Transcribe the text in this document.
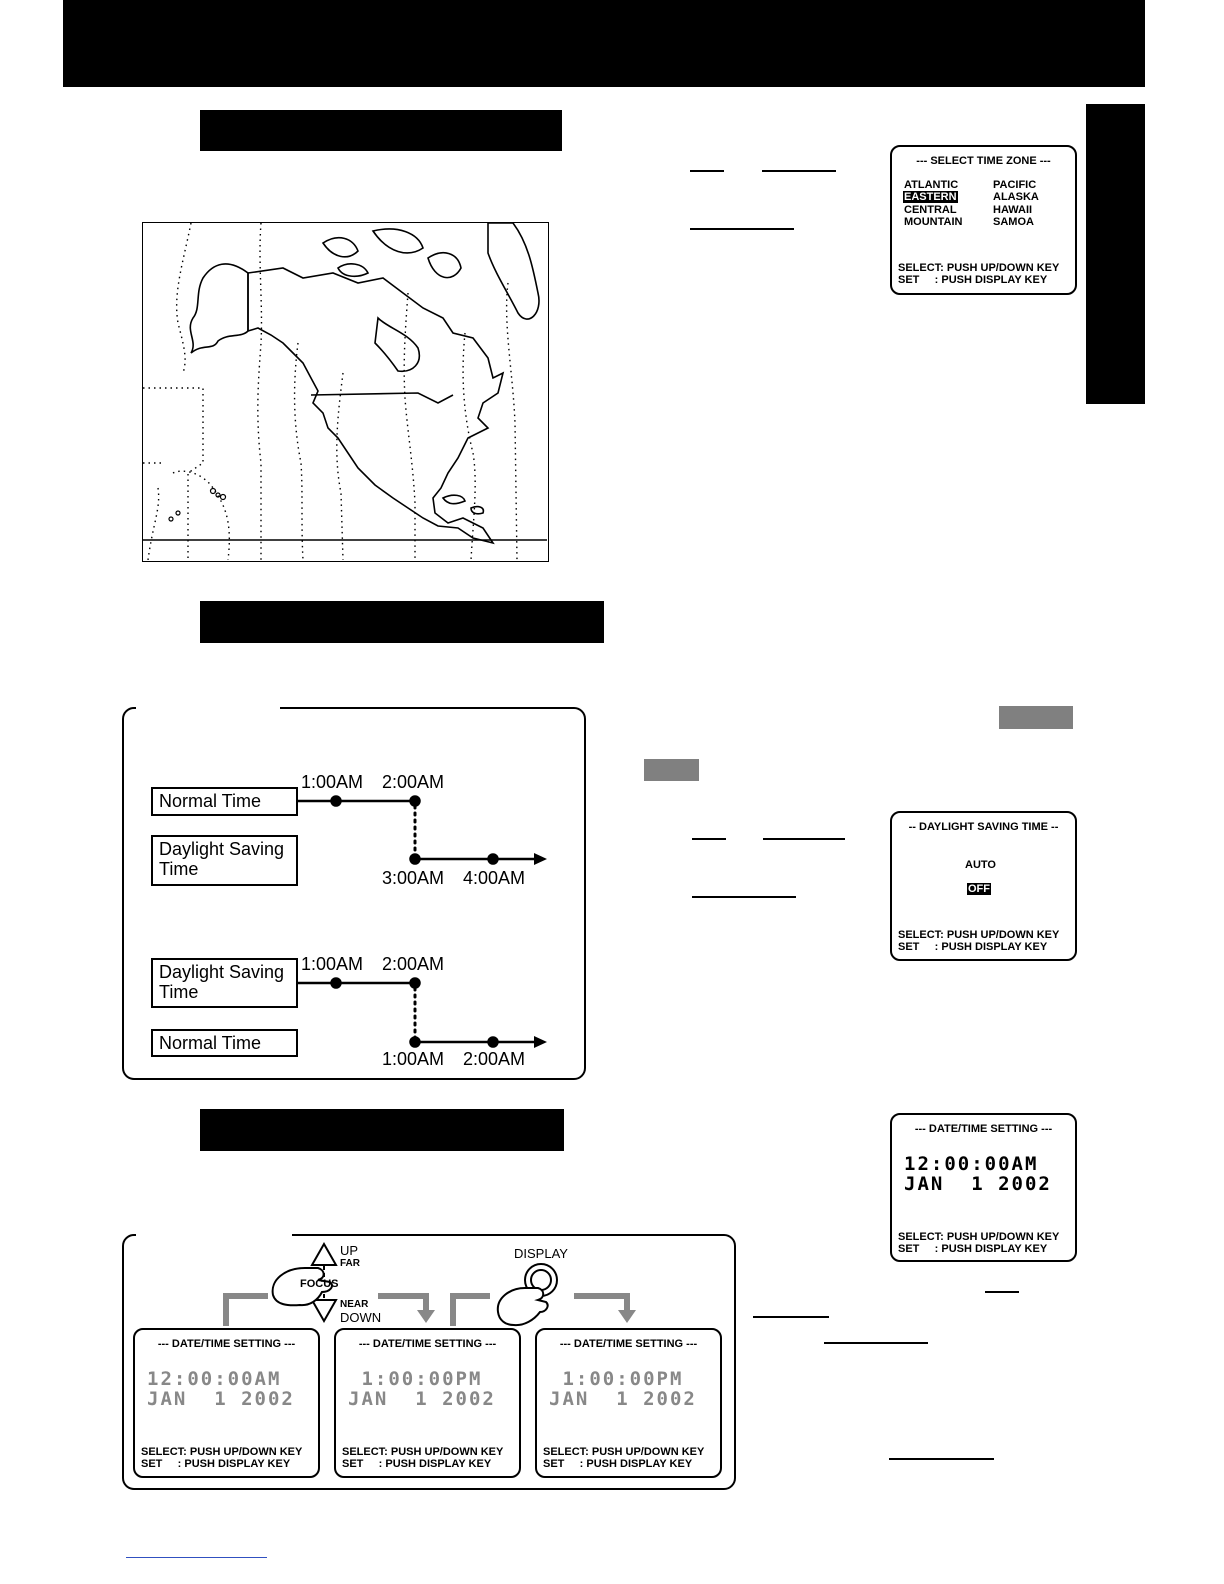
--- SELECT TIME ZONE ---
ATLANTIC
EASTERN
CENTRAL
MOUNTAIN
PACIFIC
ALASKA
HAWAII
SAMOA
SELECT: PUSH UP/DOWN KEY
SET     : PUSH DISPLAY KEY
Normal Time
Daylight Saving Time
1:00AM 2:00AM
3:00AM 4:00AM
Daylight Saving Time
Normal Time
1:00AM 2:00AM
1:00AM 2:00AM
-- DAYLIGHT SAVING TIME --
AUTO
OFF
SELECT: PUSH UP/DOWN KEY
SET     : PUSH DISPLAY KEY
--- DATE/TIME SETTING ---
12:00:00AM
JAN  1 2002
SELECT: PUSH UP/DOWN KEY
SET     : PUSH DISPLAY KEY
UP
FAR
FOCUS
NEAR
DOWN
DISPLAY
--- DATE/TIME SETTING ---
12:00:00AM
JAN  1 2002
SELECT: PUSH UP/DOWN KEY
SET     : PUSH DISPLAY KEY
--- DATE/TIME SETTING ---
1:00:00PM
JAN  1 2002
SELECT: PUSH UP/DOWN KEY
SET     : PUSH DISPLAY KEY
--- DATE/TIME SETTING ---
1:00:00PM
JAN  1 2002
SELECT: PUSH UP/DOWN KEY
SET     : PUSH DISPLAY KEY
